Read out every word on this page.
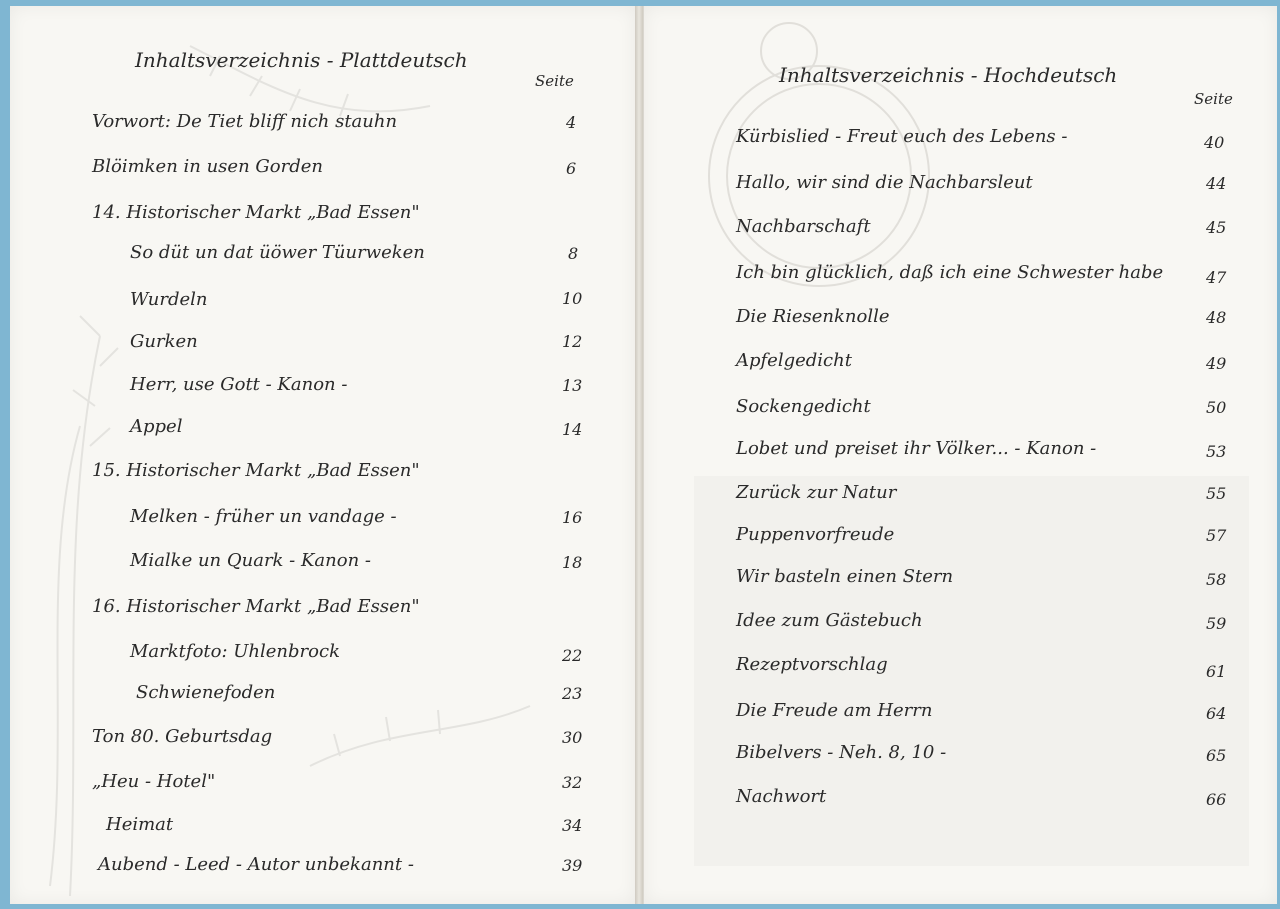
Inhaltsverzeichnis - Plattdeutsch
Seite
Vorwort: De Tiet bliff nich stauhn	4
Blöimken in usen Gorden	6
14. Historischer Markt „Bad Essen"
So düt un dat üöwer Tüurweken	8
Wurdeln	10
Gurken	12
Herr, use Gott - Kanon -	13
Appel	14
15. Historischer Markt „Bad Essen"
Melken - früher un vandage -	16
Mialke un Quark - Kanon -	18
16. Historischer Markt „Bad Essen"
Marktfoto: Uhlenbrock	22
Schwienefoden	23
Ton 80. Geburtsdag	30
„Heu - Hotel"	32
Heimat	34
Aubend - Leed - Autor unbekannt -	39
Inhaltsverzeichnis - Hochdeutsch
Seite
Kürbislied - Freut euch des Lebens -	40
Hallo, wir sind die Nachbarsleut	44
Nachbarschaft	45
Ich bin glücklich, daß ich eine Schwester habe	47
Die Riesenknolle	48
Apfelgedicht	49
Sockengedicht	50
Lobet und preiset ihr Völker... - Kanon -	53
Zurück zur Natur	55
Puppenvorfreude	57
Wir basteln einen Stern	58
Idee zum Gästebuch	59
Rezeptvorschlag	61
Die Freude am Herrn	64
Bibelvers - Neh. 8, 10 -	65
Nachwort	66
